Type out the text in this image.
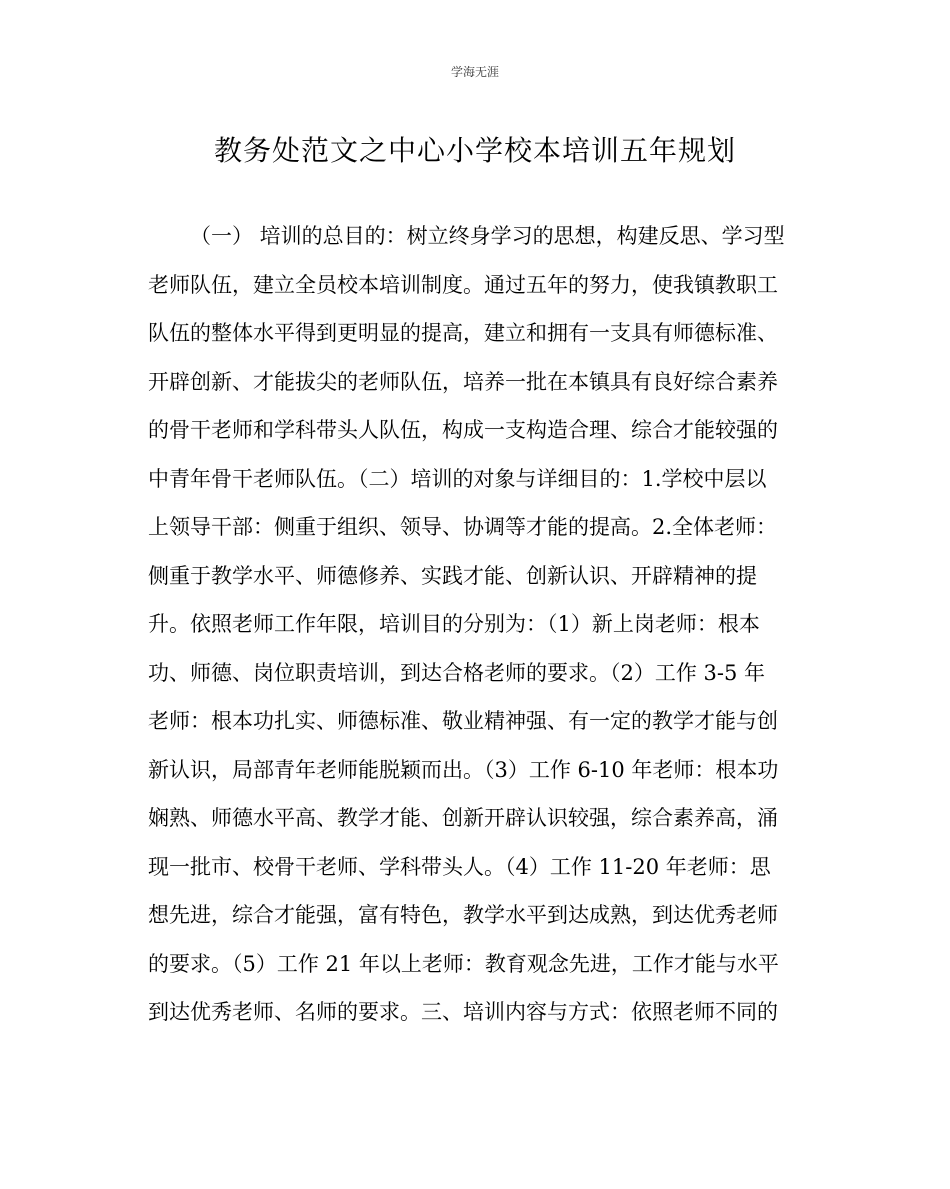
学海无涯
教务处范文之中心小学校本培训五年规划
（一） 培训的总目的：树立终身学习的思想，构建反思、学习型
老师队伍，建立全员校本培训制度。通过五年的努力，使我镇教职工
队伍的整体水平得到更明显的提高，建立和拥有一支具有师德标准、
开辟创新、才能拔尖的老师队伍，培养一批在本镇具有良好综合素养
的骨干老师和学科带头人队伍，构成一支构造合理、综合才能较强的
中青年骨干老师队伍。（二）培训的对象与详细目的：1.学校中层以
上领导干部：侧重于组织、领导、协调等才能的提高。2.全体老师：
侧重于教学水平、师德修养、实践才能、创新认识、开辟精神的提
升。依照老师工作年限，培训目的分别为：（1）新上岗老师：根本
功、师德、岗位职责培训，到达合格老师的要求。（2）工作 3-5 年
老师：根本功扎实、师德标准、敬业精神强、有一定的教学才能与创
新认识，局部青年老师能脱颖而出。（3）工作 6-10 年老师：根本功
娴熟、师德水平高、教学才能、创新开辟认识较强，综合素养高，涌
现一批市、校骨干老师、学科带头人。（4）工作 11-20 年老师：思
想先进，综合才能强，富有特色，教学水平到达成熟，到达优秀老师
的要求。（5）工作 21 年以上老师：教育观念先进，工作才能与水平
到达优秀老师、名师的要求。三、培训内容与方式：依照老师不同的
